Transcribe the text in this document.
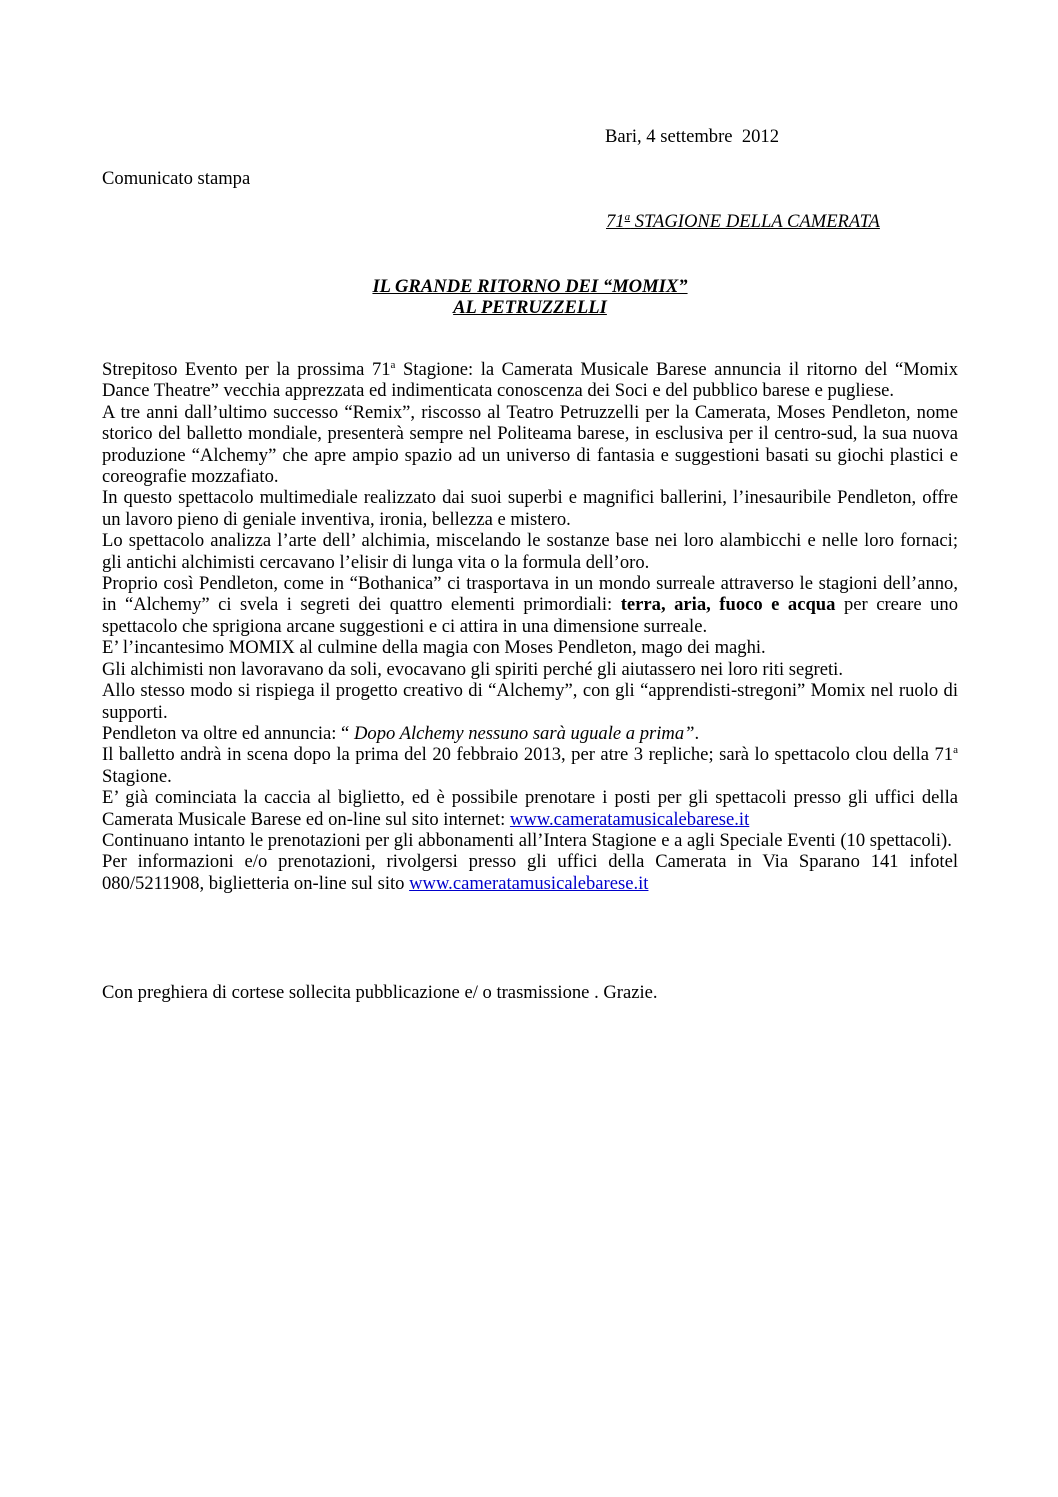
Bari, 4 settembre  2012
Comunicato stampa
71$^a$ STAGIONE DELLA CAMERATA
IL GRANDE RITORNO DEI “MOMIX”
AL PETRUZZELLI

Strepitoso Evento per la prossima 71$^a$ Stagione: la Camerata Musicale Barese annuncia il ritorno del “Momix Dance Theatre” vecchia apprezzata ed indimenticata conoscenza dei Soci e del pubblico barese e pugliese.

A tre anni dall’ultimo successo “Remix”, riscosso al Teatro Petruzzelli per la Camerata, Moses Pendleton, nome storico del balletto mondiale, presenterà sempre nel Politeama barese, in esclusiva per il centro-sud, la sua nuova produzione “Alchemy” che apre ampio spazio ad un universo di fantasia e suggestioni basati su giochi plastici e coreografie mozzafiato.

In questo spettacolo multimediale realizzato dai suoi superbi e magnifici ballerini, l’inesauribile Pendleton, offre un lavoro pieno di geniale inventiva, ironia, bellezza e mistero.

Lo spettacolo analizza l’arte dell’ alchimia, miscelando le sostanze base nei loro alambicchi e nelle loro fornaci; gli antichi alchimisti cercavano l’elisir di lunga vita o la formula dell’oro.

Proprio così Pendleton, come in “Bothanica” ci trasportava in un mondo surreale attraverso le stagioni dell’anno, in “Alchemy” ci svela i segreti dei quattro elementi primordiali: terra, aria, fuoco e acqua per creare uno spettacolo che sprigiona arcane suggestioni e ci attira in una dimensione surreale.

E’ l’incantesimo MOMIX al culmine della magia con Moses Pendleton, mago dei maghi.

Gli alchimisti non lavoravano da soli, evocavano gli spiriti perché gli aiutassero nei loro riti segreti.

Allo stesso modo si rispiega il progetto creativo di “Alchemy”, con gli “apprendisti-stregoni” Momix nel ruolo di supporti.

Pendleton va oltre ed annuncia: “ Dopo Alchemy nessuno sarà uguale a prima”.

Il balletto andrà in scena dopo la prima del 20 febbraio 2013, per atre 3 repliche; sarà lo spettacolo clou della 71$^a$ Stagione.

E’ già cominciata la caccia al biglietto, ed è possibile prenotare i posti per gli spettacoli presso gli uffici della Camerata Musicale Barese ed on-line sul sito internet: www.cameratamusicalebarese.it

Continuano intanto le prenotazioni per gli abbonamenti all’Intera Stagione e a agli Speciale Eventi (10 spettacoli).

Per informazioni e/o prenotazioni, rivolgersi presso gli uffici della Camerata in Via Sparano 141 infotel 080/5211908, biglietteria on-line sul sito www.cameratamusicalebarese.it

Con preghiera di cortese sollecita pubblicazione e/ o trasmissione . Grazie.
